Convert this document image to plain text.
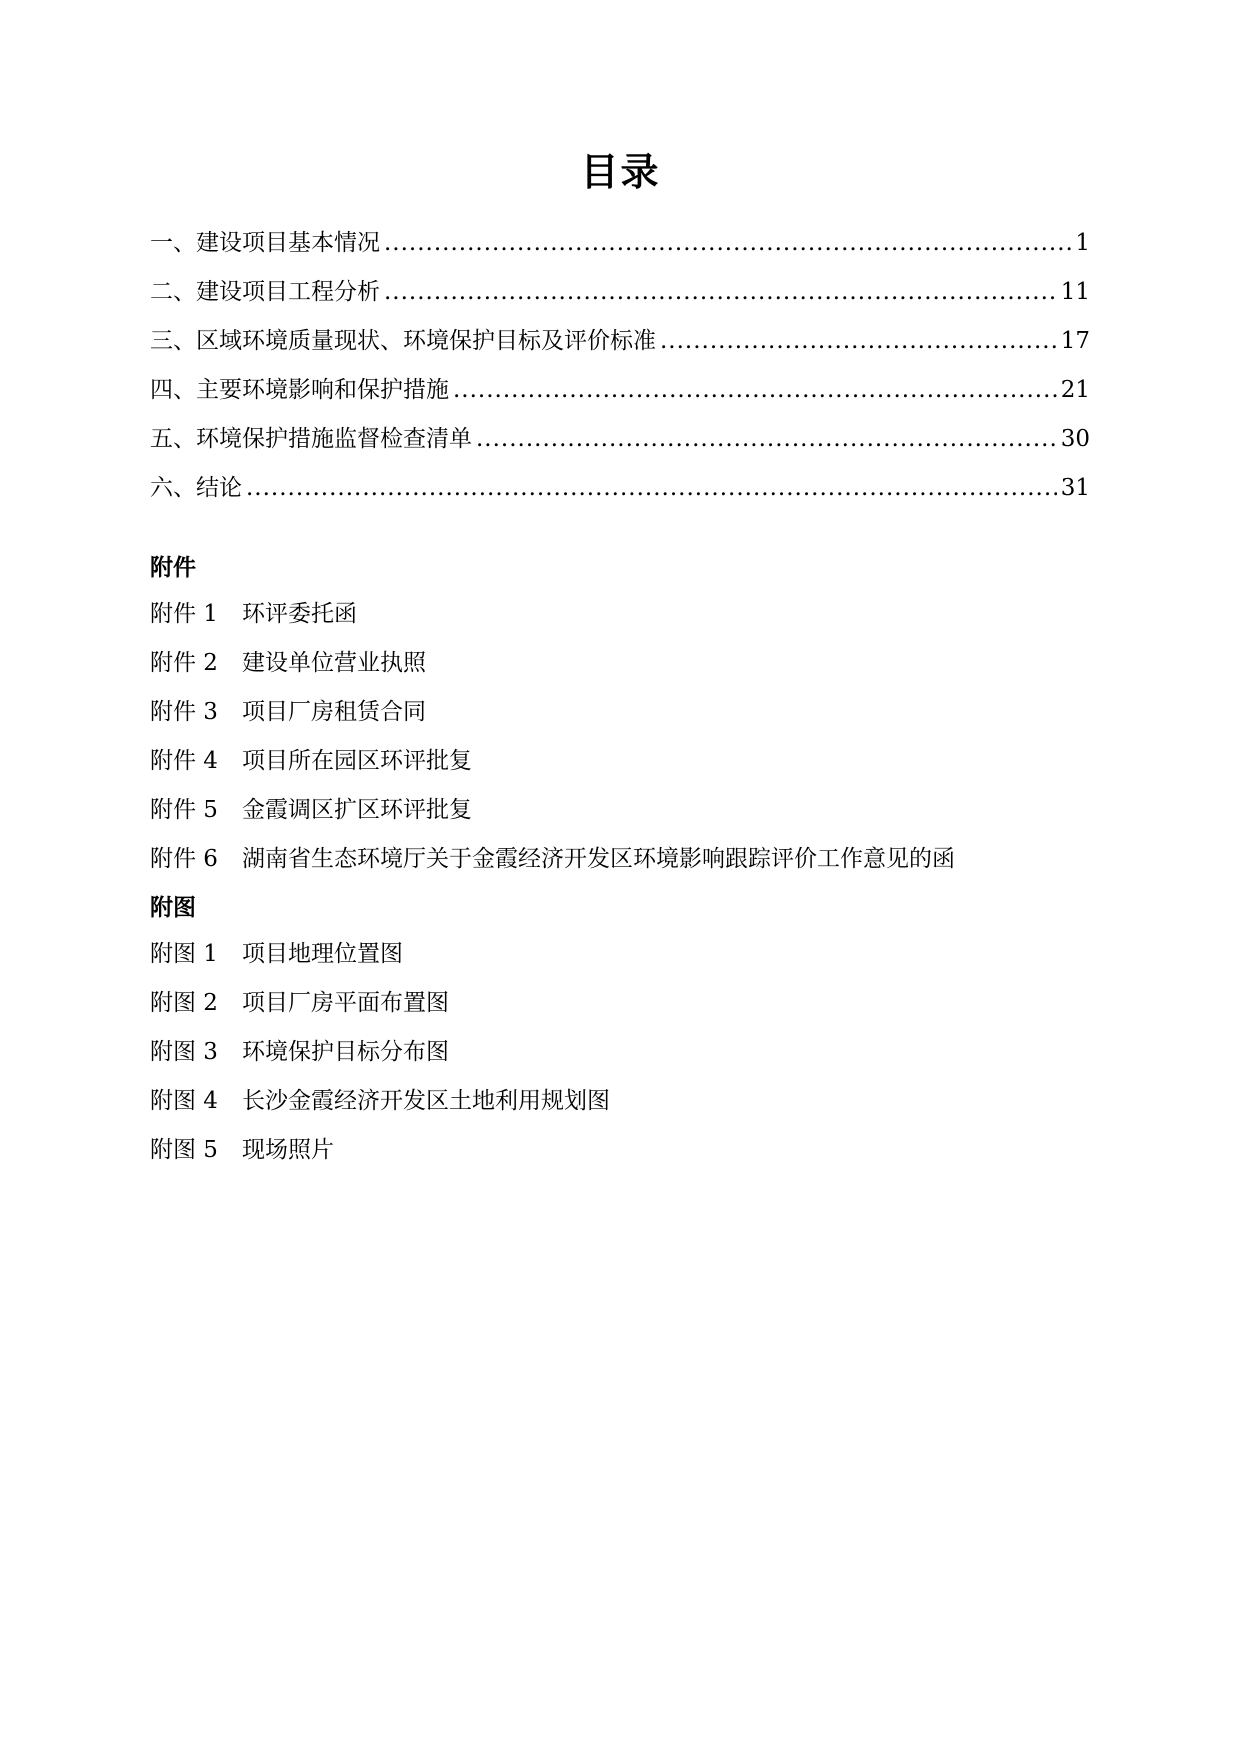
目录
一、建设项目基本情况 .....	1
二、建设项目工程分析 .....	11
三、区域环境质量现状、环境保护目标及评价标准 .....	17
四、主要环境影响和保护措施 .....	21
五、环境保护措施监督检查清单 .....	30
六、结论 .....	31
附件
附件 1	环评委托函
附件 2	建设单位营业执照
附件 3	项目厂房租赁合同
附件 4	项目所在园区环评批复
附件 5	金霞调区扩区环评批复
附件 6	湖南省生态环境厅关于金霞经济开发区环境影响跟踪评价工作意见的函
附图
附图 1	项目地理位置图
附图 2	项目厂房平面布置图
附图 3	环境保护目标分布图
附图 4	长沙金霞经济开发区土地利用规划图
附图 5	现场照片
